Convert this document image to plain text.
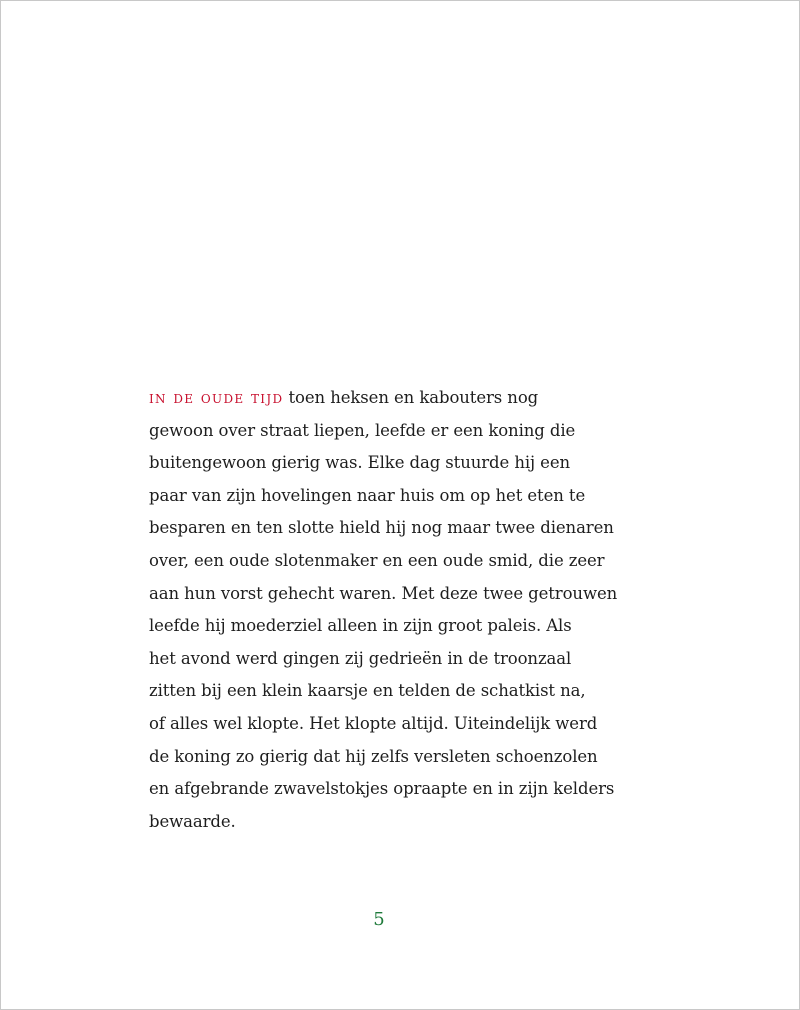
in de oude tijd toen heksen en kabouters nog
gewoon over straat liepen, leefde er een koning die
buitengewoon gierig was. Elke dag stuurde hij een
paar van zijn hovelingen naar huis om op het eten te
besparen en ten slotte hield hij nog maar twee dienaren
over, een oude slotenmaker en een oude smid, die zeer
aan hun vorst gehecht waren. Met deze twee getrouwen
leefde hij moederziel alleen in zijn groot paleis. Als
het avond werd gingen zij gedrieën in de troonzaal
zitten bij een klein kaarsje en telden de schatkist na,
of alles wel klopte. Het klopte altijd. Uiteindelijk werd
de koning zo gierig dat hij zelfs versleten schoenzolen
en afgebrande zwavelstokjes opraapte en in zijn kelders
bewaarde.
5
